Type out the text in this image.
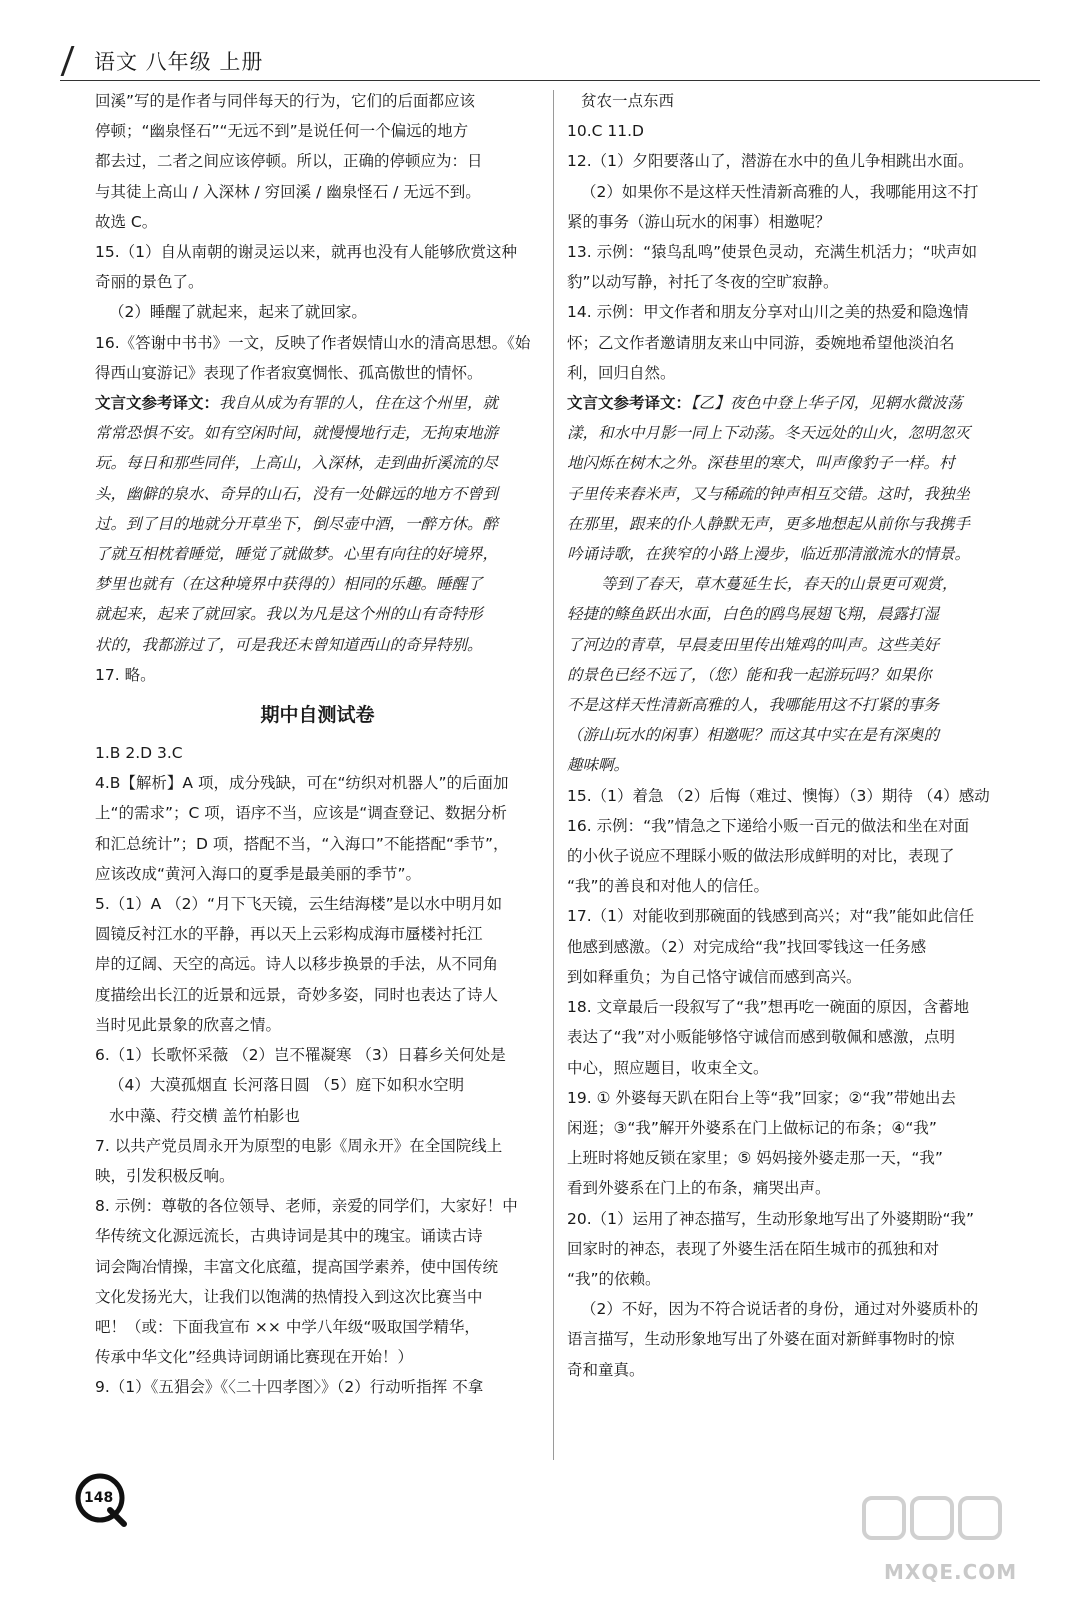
语文 八年级 上册

回溪”写的是作者与同伴每天的行为，它们的后面都应该

停顿；“幽泉怪石”“无远不到”是说任何一个偏远的地方

都去过，二者之间应该停顿。所以，正确的停顿应为：日

与其徒上高山 / 入深林 / 穷回溪 / 幽泉怪石 / 无远不到。

故选 C。

15.（1）自从南朝的谢灵运以来，就再也没有人能够欣赏这种

奇丽的景色了。

（2）睡醒了就起来，起来了就回家。

16.《答谢中书书》一文，反映了作者娱情山水的清高思想。《始

得西山宴游记》表现了作者寂寞惆怅、孤高傲世的情怀。

文言文参考译文：我自从成为有罪的人，住在这个州里，就

常常恐惧不安。如有空闲时间，就慢慢地行走，无拘束地游

玩。每日和那些同伴，上高山，入深林，走到曲折溪流的尽

头，幽僻的泉水、奇异的山石，没有一处僻远的地方不曾到

过。到了目的地就分开草坐下，倒尽壶中酒，一醉方休。醉

了就互相枕着睡觉，睡觉了就做梦。心里有向往的好境界，

梦里也就有（在这种境界中获得的）相同的乐趣。睡醒了

就起来，起来了就回家。我以为凡是这个州的山有奇特形

状的，我都游过了，可是我还未曾知道西山的奇异特别。

17. 略。

期中自测试卷

1.B 2.D 3.C

4.B【解析】A 项，成分残缺，可在“纺织对机器人”的后面加

上“的需求”；C 项，语序不当，应该是“调查登记、数据分析

和汇总统计”；D 项，搭配不当，“入海口”不能搭配“季节”，

应该改成“黄河入海口的夏季是最美丽的季节”。

5.（1）A （2）“月下飞天镜，云生结海楼”是以水中明月如

圆镜反衬江水的平静，再以天上云彩构成海市蜃楼衬托江

岸的辽阔、天空的高远。诗人以移步换景的手法，从不同角

度描绘出长江的近景和远景，奇妙多姿，同时也表达了诗人

当时见此景象的欣喜之情。

6.（1）长歌怀采薇 （2）岂不罹凝寒 （3）日暮乡关何处是

（4）大漠孤烟直 长河落日圆 （5）庭下如积水空明

水中藻、荇交横 盖竹柏影也

7. 以共产党员周永开为原型的电影《周永开》在全国院线上

映，引发积极反响。

8. 示例：尊敬的各位领导、老师，亲爱的同学们，大家好！中

华传统文化源远流长，古典诗词是其中的瑰宝。诵读古诗

词会陶冶情操，丰富文化底蕴，提高国学素养，使中国传统

文化发扬光大，让我们以饱满的热情投入到这次比赛当中

吧！（或：下面我宣布 ×× 中学八年级“吸取国学精华，

传承中华文化”经典诗词朗诵比赛现在开始！）

9.（1）《五猖会》《〈二十四孝图〉》（2）行动听指挥 不拿

贫农一点东西

10.C 11.D

12.（1）夕阳要落山了，潜游在水中的鱼儿争相跳出水面。

（2）如果你不是这样天性清新高雅的人，我哪能用这不打

紧的事务（游山玩水的闲事）相邀呢？

13. 示例：“猿鸟乱鸣”使景色灵动，充满生机活力；“吠声如

豹”以动写静，衬托了冬夜的空旷寂静。

14. 示例：甲文作者和朋友分享对山川之美的热爱和隐逸情

怀；乙文作者邀请朋友来山中同游，委婉地希望他淡泊名

利，回归自然。

文言文参考译文：【乙】夜色中登上华子冈，见辋水微波荡

漾，和水中月影一同上下动荡。冬天远处的山火，忽明忽灭

地闪烁在树木之外。深巷里的寒犬，叫声像豹子一样。村

子里传来舂米声，又与稀疏的钟声相互交错。这时，我独坐

在那里，跟来的仆人静默无声，更多地想起从前你与我携手

吟诵诗歌，在狭窄的小路上漫步，临近那清澈流水的情景。

等到了春天，草木蔓延生长，春天的山景更可观赏，

轻捷的鲦鱼跃出水面，白色的鸥鸟展翅飞翔，晨露打湿

了河边的青草，早晨麦田里传出雉鸡的叫声。这些美好

的景色已经不远了，（您）能和我一起游玩吗？如果你

不是这样天性清新高雅的人，我哪能用这不打紧的事务

（游山玩水的闲事）相邀呢？而这其中实在是有深奥的

趣味啊。

15.（1）着急 （2）后悔（难过、懊悔）（3）期待 （4）感动

16. 示例：“我”情急之下递给小贩一百元的做法和坐在对面

的小伙子说应不理睬小贩的做法形成鲜明的对比，表现了

“我”的善良和对他人的信任。

17.（1）对能收到那碗面的钱感到高兴；对“我”能如此信任

他感到感激。（2）对完成给“我”找回零钱这一任务感

到如释重负；为自己恪守诚信而感到高兴。

18. 文章最后一段叙写了“我”想再吃一碗面的原因，含蓄地

表达了“我”对小贩能够恪守诚信而感到敬佩和感激，点明

中心，照应题目，收束全文。

19. ① 外婆每天趴在阳台上等“我”回家；②“我”带她出去

闲逛；③“我”解开外婆系在门上做标记的布条；④“我”

上班时将她反锁在家里；⑤ 妈妈接外婆走那一天，“我”

看到外婆系在门上的布条，痛哭出声。

20.（1）运用了神态描写，生动形象地写出了外婆期盼“我”

回家时的神态，表现了外婆生活在陌生城市的孤独和对

“我”的依赖。

（2）不好，因为不符合说话者的身份，通过对外婆质朴的

语言描写，生动形象地写出了外婆在面对新鲜事物时的惊

奇和童真。

148
MXQE.COM
